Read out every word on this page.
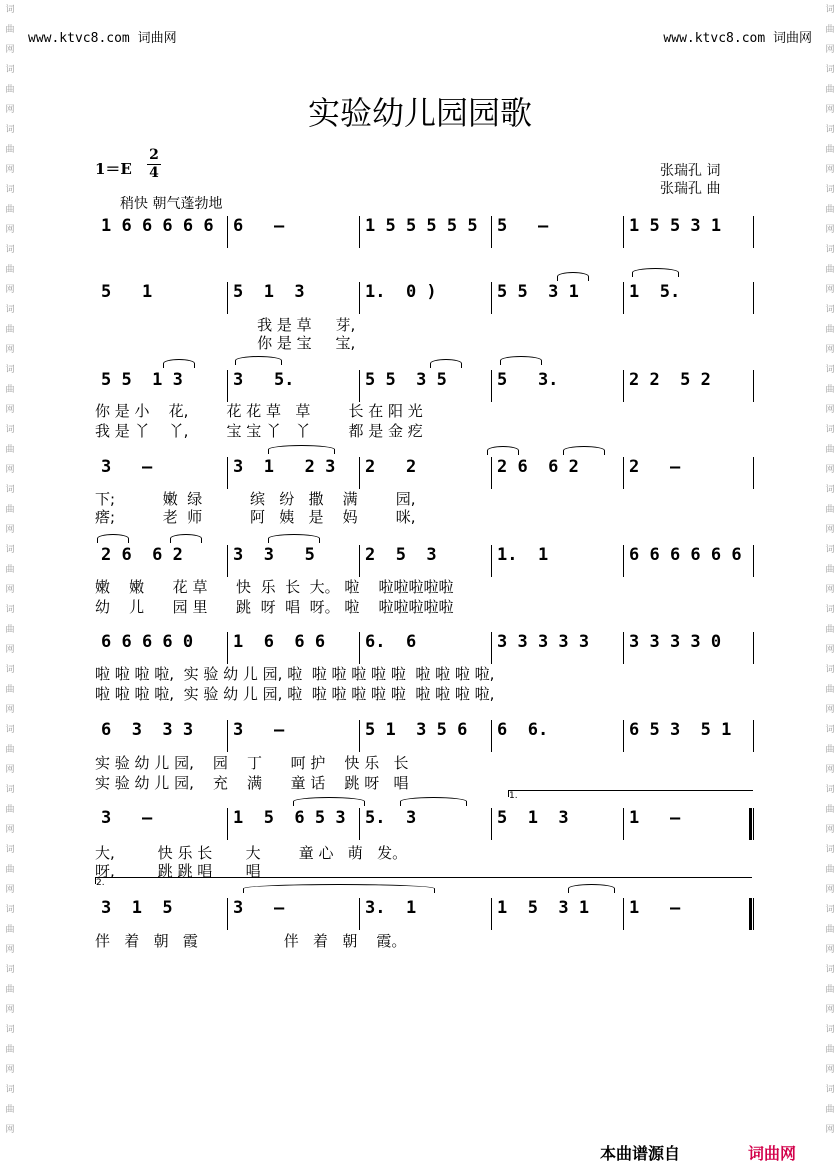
词曲网 词曲网 词曲网 词曲网 词曲网 词曲网 词曲网 词曲网 词曲网 词曲网 词曲网 词曲网 词曲网 词曲网 词曲网 词曲网 词曲网 词曲网 词曲网
词曲网 词曲网 词曲网 词曲网 词曲网 词曲网 词曲网 词曲网 词曲网 词曲网 词曲网 词曲网 词曲网 词曲网 词曲网 词曲网 词曲网 词曲网 词曲网
www.ktvc8.com 词曲网	www.ktvc8.com 词曲网
实验幼儿园园歌
1＝E
2
4	张瑞孔 词
张瑞孔 曲
稍快 朝气蓬勃地
1 6 6 6 6 6 6   –	1 5 5 5 5 5 5   –	1 5 5 3 1
5   1	5  1  3	1.  0 )	5 5  3 1	1  5.
我 是 草     芽,
你 是 宝     宝,
5 5  1 3	3   5.	5 5  3 5	5   3.	2 2  5 2
你 是 小    花,        花 花 草   草        长 在 阳 光
我 是 丫    丫,        宝 宝 丫   丫        都 是 金 疙
3   –	3  1   2 3 2   2	2 6  6 2	2   –
下;          嫩  绿          缤   纷   撒    满        园,
瘩;          老  师          阿   姨   是    妈        咪,
2 6  6 2	3  3   5	2  5  3	1.  1	6 6 6 6 6 6
嫩    嫩      花 草      快  乐  长  大。 啦    啦啦啦啦啦
幼    儿      园 里      跳  呀  唱  呀。 啦    啦啦啦啦啦
6 6 6 6 0 1  6  6 6 6.  6	3 3 3 3 3 3 3 3 3 0
啦 啦 啦 啦,  实 验 幼 儿 园, 啦  啦 啦 啦 啦 啦  啦 啦 啦 啦,
啦 啦 啦 啦,  实 验 幼 儿 园, 啦  啦 啦 啦 啦 啦  啦 啦 啦 啦,
6  3  3 3 3   –	5 1  3 5 6 6  6.	6 5 3  5 1
实 验 幼 儿 园,    园    丁      呵 护    快 乐   长
实 验 幼 儿 园,    充    满      童 话    跳 呀   唱
3   –	1  5  6 5 3 5.  3	5  1  3	1   –
大,         快 乐 长       大        童 心   萌   发。
呀,         跳 跳 唱       唱
3  1  5	3   –	3.  1	1  5  3 1 1   –
伴   着   朝   霞                  伴   着   朝    霞。
本曲谱源自	词曲网
1.
2.
